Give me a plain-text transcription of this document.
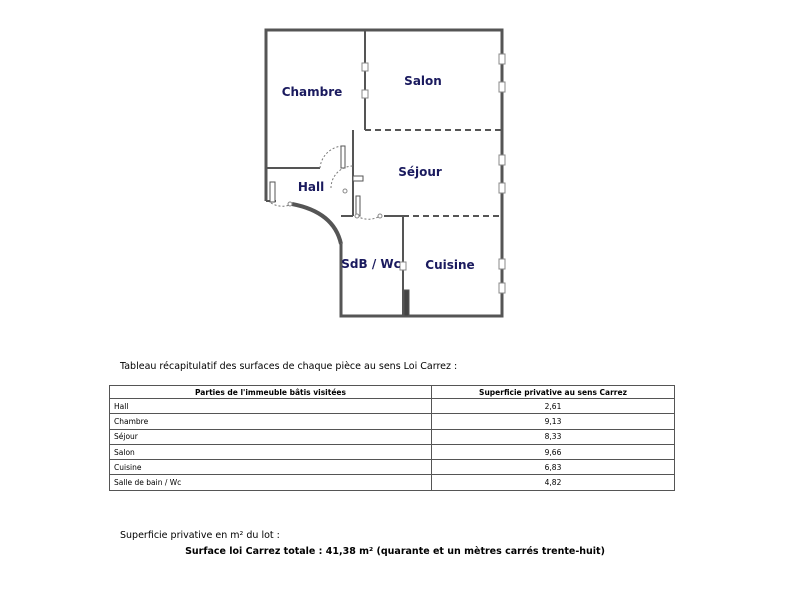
Chambre
Salon
Séjour
Hall
SdB / Wc Cuisine
Tableau récapitulatif des surfaces de chaque pièce au sens Loi Carrez :
Parties de l'immeuble bâtis visitées	Superficie privative au sens Carrez
Hall	2,61
Chambre	9,13
Séjour	8,33
Salon	9,66
Cuisine	6,83
Salle de bain / Wc	4,82
Superficie privative en m² du lot :
Surface loi Carrez totale : 41,38 m² (quarante et un mètres carrés trente-huit)
